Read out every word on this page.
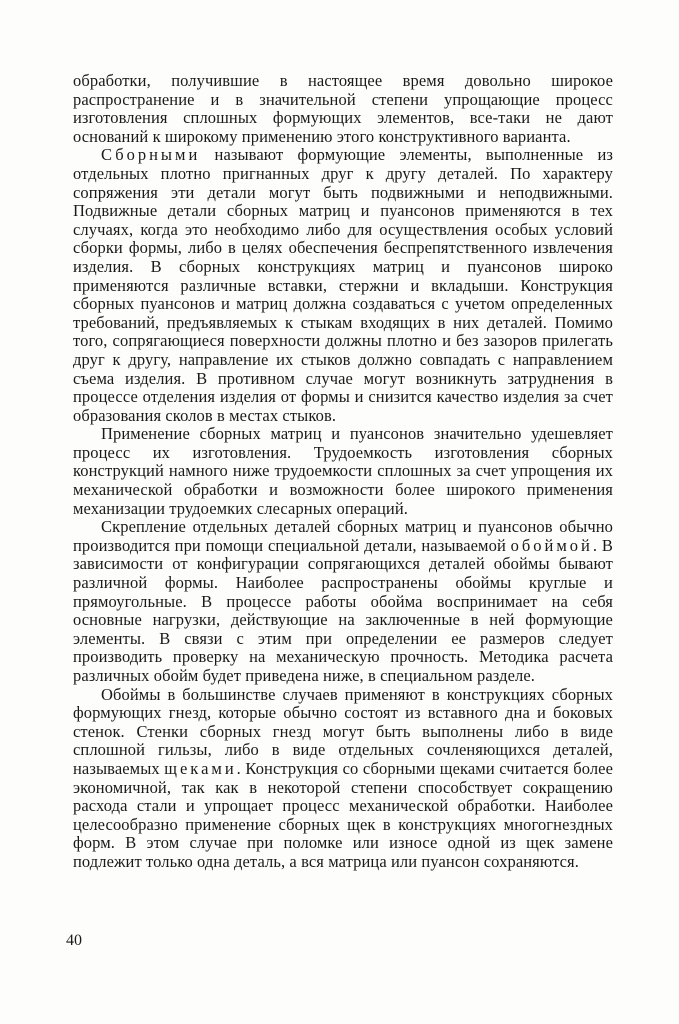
обработки, получившие в настоящее время довольно широкое распространение и в значительной степени упрощающие процесс изготовления сплошных формующих элементов, все-таки не дают оснований к широкому применению этого конструктивного варианта.

Сборными называют формующие элементы, выполненные из отдельных плотно пригнанных друг к другу деталей. По характеру сопряжения эти детали могут быть подвижными и неподвижными. Подвижные детали сборных матриц и пуансонов применяются в тех случаях, когда это необходимо либо для осуществления особых условий сборки формы, либо в целях обеспечения беспрепятственного извлечения изделия. В сборных конструкциях матриц и пуансонов широко применяются различные вставки, стержни и вкладыши. Конструкция сборных пуансонов и матриц должна создаваться с учетом определенных требований, предъявляемых к стыкам входящих в них деталей. Помимо того, сопрягающиеся поверхности должны плотно и без зазоров прилегать друг к другу, направление их стыков должно совпадать с направлением съема изделия. В противном случае могут возникнуть затруднения в процессе отделения изделия от формы и снизится качество изделия за счет образования сколов в местах стыков.

Применение сборных матриц и пуансонов значительно удешевляет процесс их изготовления. Трудоемкость изготовления сборных конструкций намного ниже трудоемкости сплошных за счет упрощения их механической обработки и возможности более широкого применения механизации трудоемких слесарных операций.

Скрепление отдельных деталей сборных матриц и пуансонов обычно производится при помощи специальной детали, называемой обоймой. В зависимости от конфигурации сопрягающихся деталей обоймы бывают различной формы. Наиболее распространены обоймы круглые и прямоугольные. В процессе работы обойма воспринимает на себя основные нагрузки, действующие на заключенные в ней формующие элементы. В связи с этим при определении ее размеров следует производить проверку на механическую прочность. Методика расчета различных обойм будет приведена ниже, в специальном разделе.

Обоймы в большинстве случаев применяют в конструкциях сборных формующих гнезд, которые обычно состоят из вставного дна и боковых стенок. Стенки сборных гнезд могут быть выполнены либо в виде сплошной гильзы, либо в виде отдельных сочленяющихся деталей, называемых щеками. Конструкция со сборными щеками считается более экономичной, так как в некоторой степени способствует сокращению расхода стали и упрощает процесс механической обработки. Наиболее целесообразно применение сборных щек в конструкциях многогнездных форм. В этом случае при поломке или износе одной из щек замене подлежит только одна деталь, а вся матрица или пуансон сохраняются.

40
